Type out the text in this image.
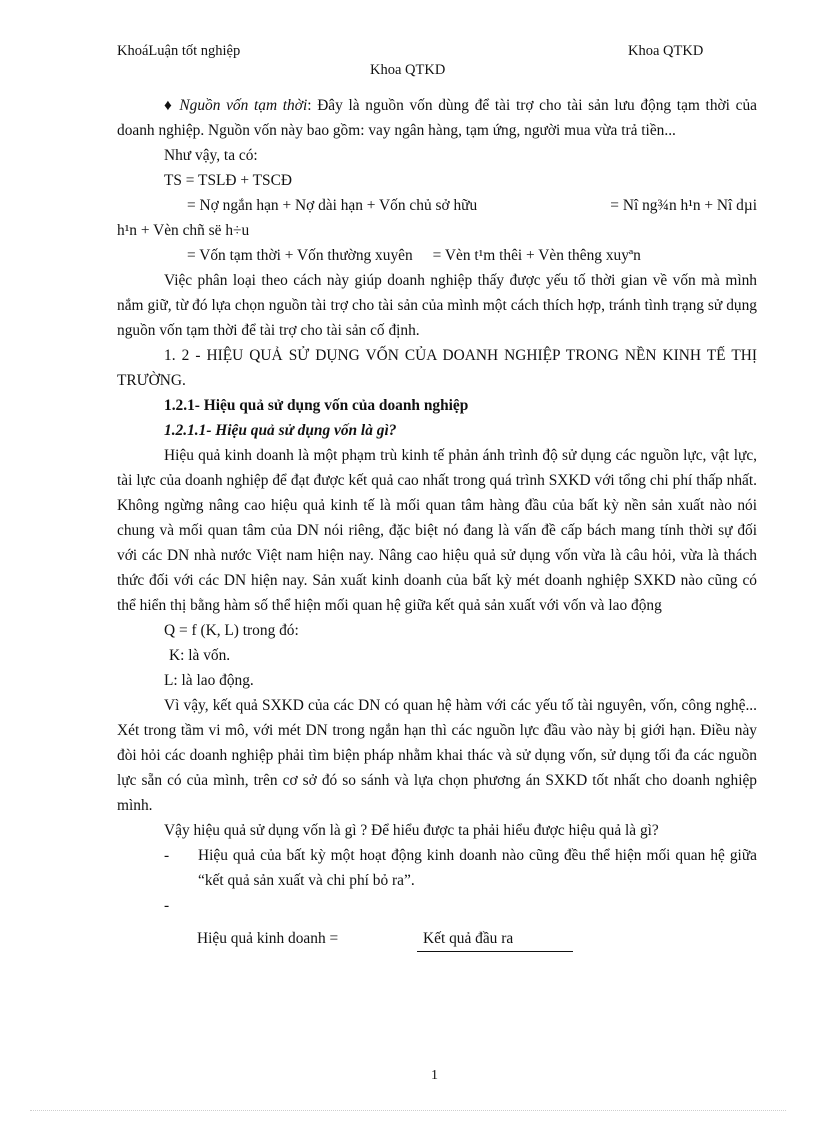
KhoáLuận tốt nghiệp	Khoa QTKD
Khoa QTKD

♦ Nguồn vốn tạm thời: Đây là nguồn vốn dùng để tài trợ cho tài sản lưu động tạm thời của doanh nghiệp. Nguồn vốn này bao gồm: vay ngân hàng, tạm ứng, người mua vừa trả tiền...

Như vậy, ta có:

TS = TSLĐ + TSCĐ

= Nợ ngắn hạn + Nợ dài hạn + Vốn chủ sở hữu	= Nî ng¾n h¹n + Nî dµi

h¹n + Vèn chñ së h÷u

= Vốn tạm thời + Vốn thường xuyên = Vèn t¹m thêi + Vèn thêng xuyªn

Việc phân loại theo cách này giúp doanh nghiệp thấy được yếu tố thời gian về vốn mà mình nắm giữ, từ đó lựa chọn nguồn tài trợ cho tài sản của mình một cách thích hợp, tránh tình trạng sử dụng nguồn vốn tạm thời để tài trợ cho tài sản cố định.

1. 2 - HIỆU QUẢ SỬ DỤNG VỐN CỦA DOANH NGHIỆP TRONG NỀN KINH TẾ THỊ TRƯỜNG.

1.2.1- Hiệu quả sử dụng vốn của doanh nghiệp

1.2.1.1- Hiệu quả sử dụng vốn là gì?

Hiệu quả kinh doanh là một phạm trù kinh tế phản ánh trình độ sử dụng các nguồn lực, vật lực, tài lực của doanh nghiệp để đạt được kết quả cao nhất trong quá trình SXKD với tổng chi phí thấp nhất. Không ngừng nâng cao hiệu quả kinh tế là mối quan tâm hàng đầu của bất kỳ nền sản xuất nào nói chung và mối quan tâm của DN nói riêng, đặc biệt nó đang là vấn đề cấp bách mang tính thời sự đối với các DN nhà nước Việt nam hiện nay. Nâng cao hiệu quả sử dụng vốn vừa là câu hỏi, vừa là thách thức đối với các DN hiện nay. Sản xuất kinh doanh của bất kỳ mét doanh nghiệp SXKD nào cũng có thể hiển thị bằng hàm số thể hiện mối quan hệ giữa kết quả sản xuất với vốn và lao động

Q = f (K, L) trong đó:

K: là vốn.

L: là lao động.

Vì vậy, kết quả SXKD của các DN có quan hệ hàm với các yếu tố tài nguyên, vốn, công nghệ... Xét trong tầm vi mô, với mét DN trong ngắn hạn thì các nguồn lực đầu vào này bị giới hạn. Điều này đòi hỏi các doanh nghiệp phải tìm biện pháp nhằm khai thác và sử dụng vốn, sử dụng tối đa các nguồn lực sẵn có của mình, trên cơ sở đó so sánh và lựa chọn phương án SXKD tốt nhất cho doanh nghiệp mình.

Vậy hiệu quả sử dụng vốn là gì ? Để hiểu được ta phải hiểu được hiệu quả là gì?

-	Hiệu quả của bất kỳ một hoạt động kinh doanh nào cũng đều thể hiện mối quan hệ giữa “kết quả sản xuất và chi phí bỏ ra”.
-
Hiệu quả kinh doanh =	Kết quả đầu ra
1
